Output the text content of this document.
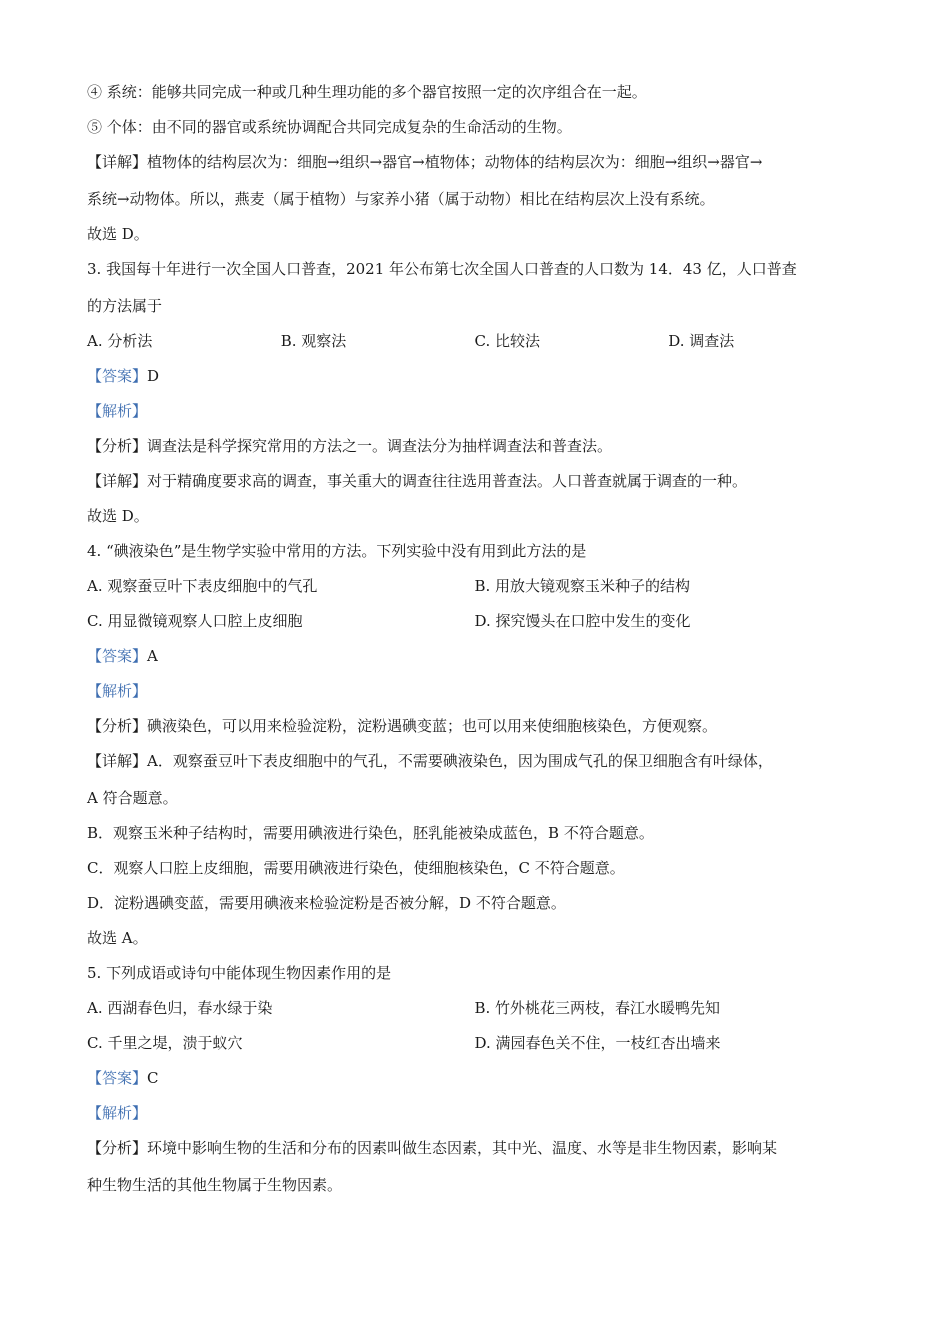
④ 系统：能够共同完成一种或几种生理功能的多个器官按照一定的次序组合在一起。
⑤ 个体：由不同的器官或系统协调配合共同完成复杂的生命活动的生物。
【详解】植物体的结构层次为：细胞→组织→器官→植物体；动物体的结构层次为：细胞→组织→器官→
系统→动物体。所以，燕麦（属于植物）与家养小猪（属于动物）相比在结构层次上没有系统。
故选 D。
3. 我国每十年进行一次全国人口普查，2021 年公布第七次全国人口普查的人口数为 14．43 亿，人口普查
的方法属于
A. 分析法	B. 观察法	C. 比较法	D. 调查法
【答案】D
【解析】
【分析】调查法是科学探究常用的方法之一。调查法分为抽样调查法和普查法。
【详解】对于精确度要求高的调查，事关重大的调查往往选用普查法。人口普查就属于调查的一种。
故选 D。
4. “碘液染色”是生物学实验中常用的方法。下列实验中没有用到此方法的是
A. 观察蚕豆叶下表皮细胞中的气孔	B. 用放大镜观察玉米种子的结构
C. 用显微镜观察人口腔上皮细胞	D. 探究馒头在口腔中发生的变化
【答案】A
【解析】
【分析】碘液染色，可以用来检验淀粉，淀粉遇碘变蓝；也可以用来使细胞核染色，方便观察。
【详解】A．观察蚕豆叶下表皮细胞中的气孔，不需要碘液染色，因为围成气孔的保卫细胞含有叶绿体，
A 符合题意。
B．观察玉米种子结构时，需要用碘液进行染色，胚乳能被染成蓝色，B 不符合题意。
C．观察人口腔上皮细胞，需要用碘液进行染色，使细胞核染色，C 不符合题意。
D．淀粉遇碘变蓝，需要用碘液来检验淀粉是否被分解，D 不符合题意。
故选 A。
5. 下列成语或诗句中能体现生物因素作用的是
A. 西湖春色归，春水绿于染	B. 竹外桃花三两枝，春江水暖鸭先知
C. 千里之堤，溃于蚁穴	D. 满园春色关不住，一枝红杏出墙来
【答案】C
【解析】
【分析】环境中影响生物的生活和分布的因素叫做生态因素，其中光、温度、水等是非生物因素，影响某
种生物生活的其他生物属于生物因素。
